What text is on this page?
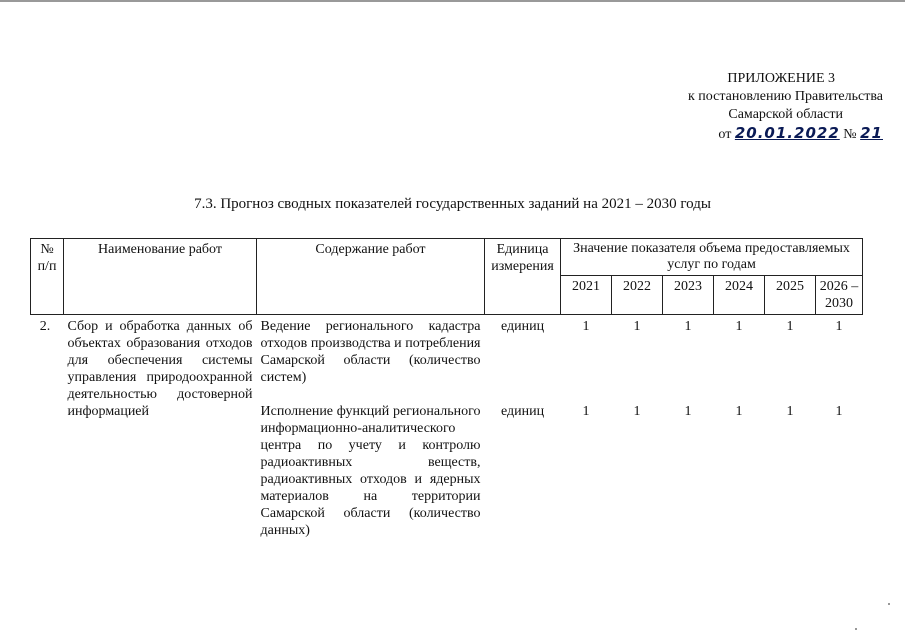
ПРИЛОЖЕНИЕ 3
к постановлению Правительства
Самарской области
от 20.01.2022 № 21
7.3. Прогноз сводных показателей государственных заданий на 2021 – 2030 годы
№ п/п	Наименование работ	Содержание работ	Единица измерения	Значение показателя объема предоставляемых услуг по годам					
				2021	2022	2023	2024	2025	2026 – 2030
2.	Сбор и обработка данных об объектах образования отходов для обеспечения системы управления природоохранной деятельностью достоверной информацией	Ведение регионального кадастра отходов производства и потребления Самарской области (количество систем)	единиц	1	1	1	1	1	1

		Исполнение функций регионального информационно-аналитического центра по учету и контролю радиоактивных веществ, радиоактивных отходов и ядерных материалов на территории Самарской области (количество данных)	единиц	1	1	1	1	1	1
